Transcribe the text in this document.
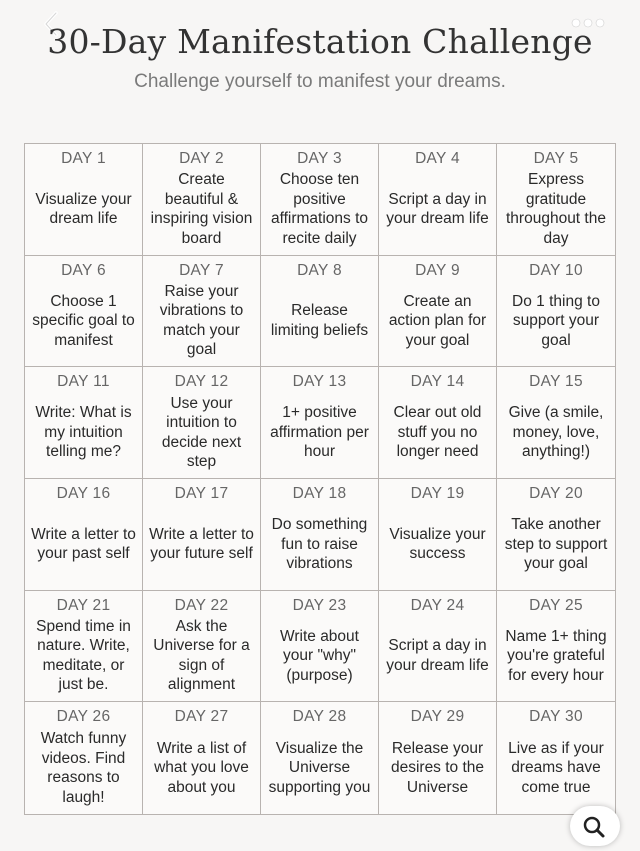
30-Day Manifestation Challenge
Challenge yourself to manifest your dreams.
DAY 1
Visualize your dream life
DAY 2
Create beautiful & inspiring vision board
DAY 3
Choose ten positive affirmations to recite daily
DAY 4
Script a day in your dream life
DAY 5
Express gratitude throughout the day
DAY 6
Choose 1 specific goal to manifest
DAY 7
Raise your vibrations to match your goal
DAY 8
Release limiting beliefs
DAY 9
Create an action plan for your goal
DAY 10
Do 1 thing to support your goal
DAY 11
Write: What is my intuition telling me?
DAY 12
Use your intuition to decide next step
DAY 13
1+ positive affirmation per hour
DAY 14
Clear out old stuff you no longer need
DAY 15
Give (a smile, money, love, anything!)
DAY 16
Write a letter to your past self
DAY 17
Write a letter to your future self
DAY 18
Do something fun to raise vibrations
DAY 19
Visualize your success
DAY 20
Take another step to support your goal
DAY 21
Spend time in nature. Write, meditate, or just be.
DAY 22
Ask the Universe for a sign of alignment
DAY 23
Write about your "why" (purpose)
DAY 24
Script a day in your dream life
DAY 25
Name 1+ thing you're grateful for every hour
DAY 26
Watch funny videos. Find reasons to laugh!
DAY 27
Write a list of what you love about you
DAY 28
Visualize the Universe supporting you
DAY 29
Release your desires to the Universe
DAY 30
Live as if your dreams have come true
